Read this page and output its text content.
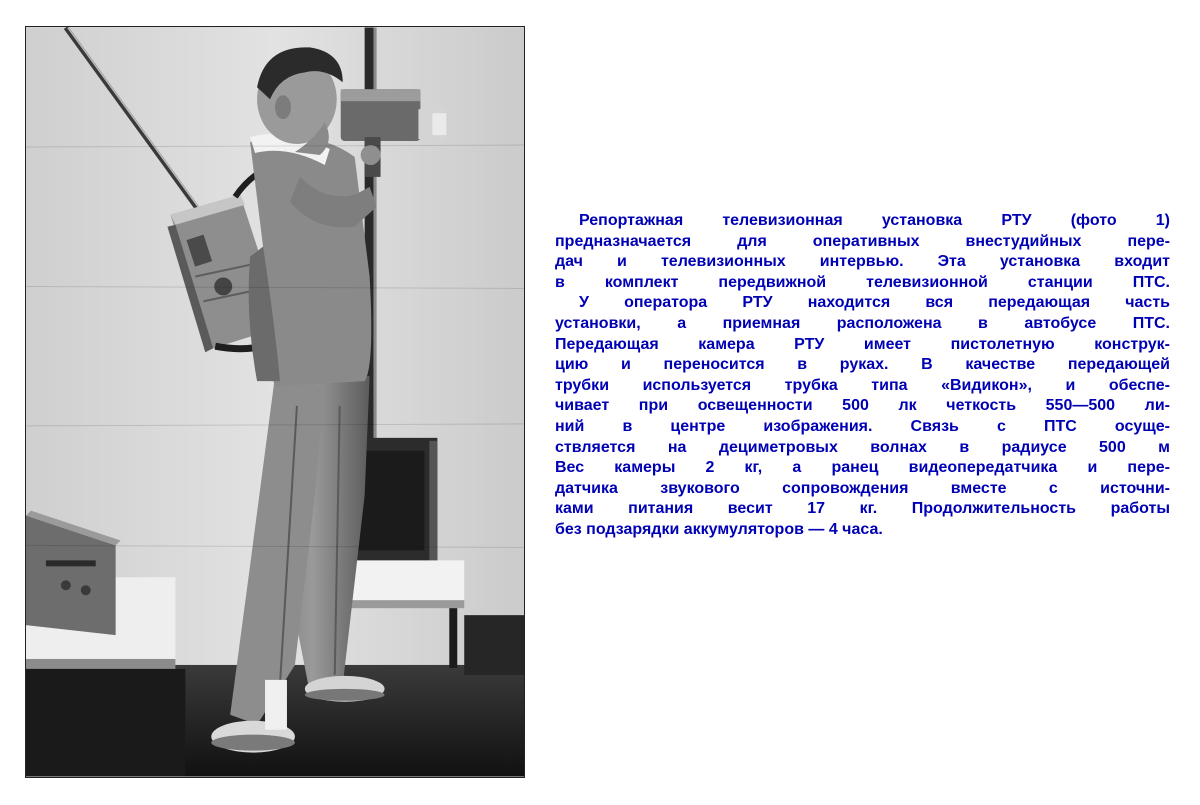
Репортажная телевизионная установка РТУ (фото 1)
предназначается для оперативных внестудийных пере-
дач и телевизионных интервью. Эта установка входит
в комплект передвижной телевизионной станции ПТС.
У оператора РТУ находится вся передающая часть
установки, а приемная расположена в автобусе ПТС.
Передающая камера РТУ имеет пистолетную конструк-
цию и переносится в руках. В качестве передающей
трубки используется трубка типа «Видикон», и обеспе-
чивает при освещенности 500 лк четкость 550—500 ли-
ний в центре изображения. Связь с ПТС осуще-
ствляется на дециметровых волнах в радиусе 500 м
Вес камеры 2 кг, а ранец видеопередатчика и пере-
датчика звукового сопровождения вместе с источни-
ками питания весит 17 кг. Продолжительность работы
без подзарядки аккумуляторов — 4 часа.
